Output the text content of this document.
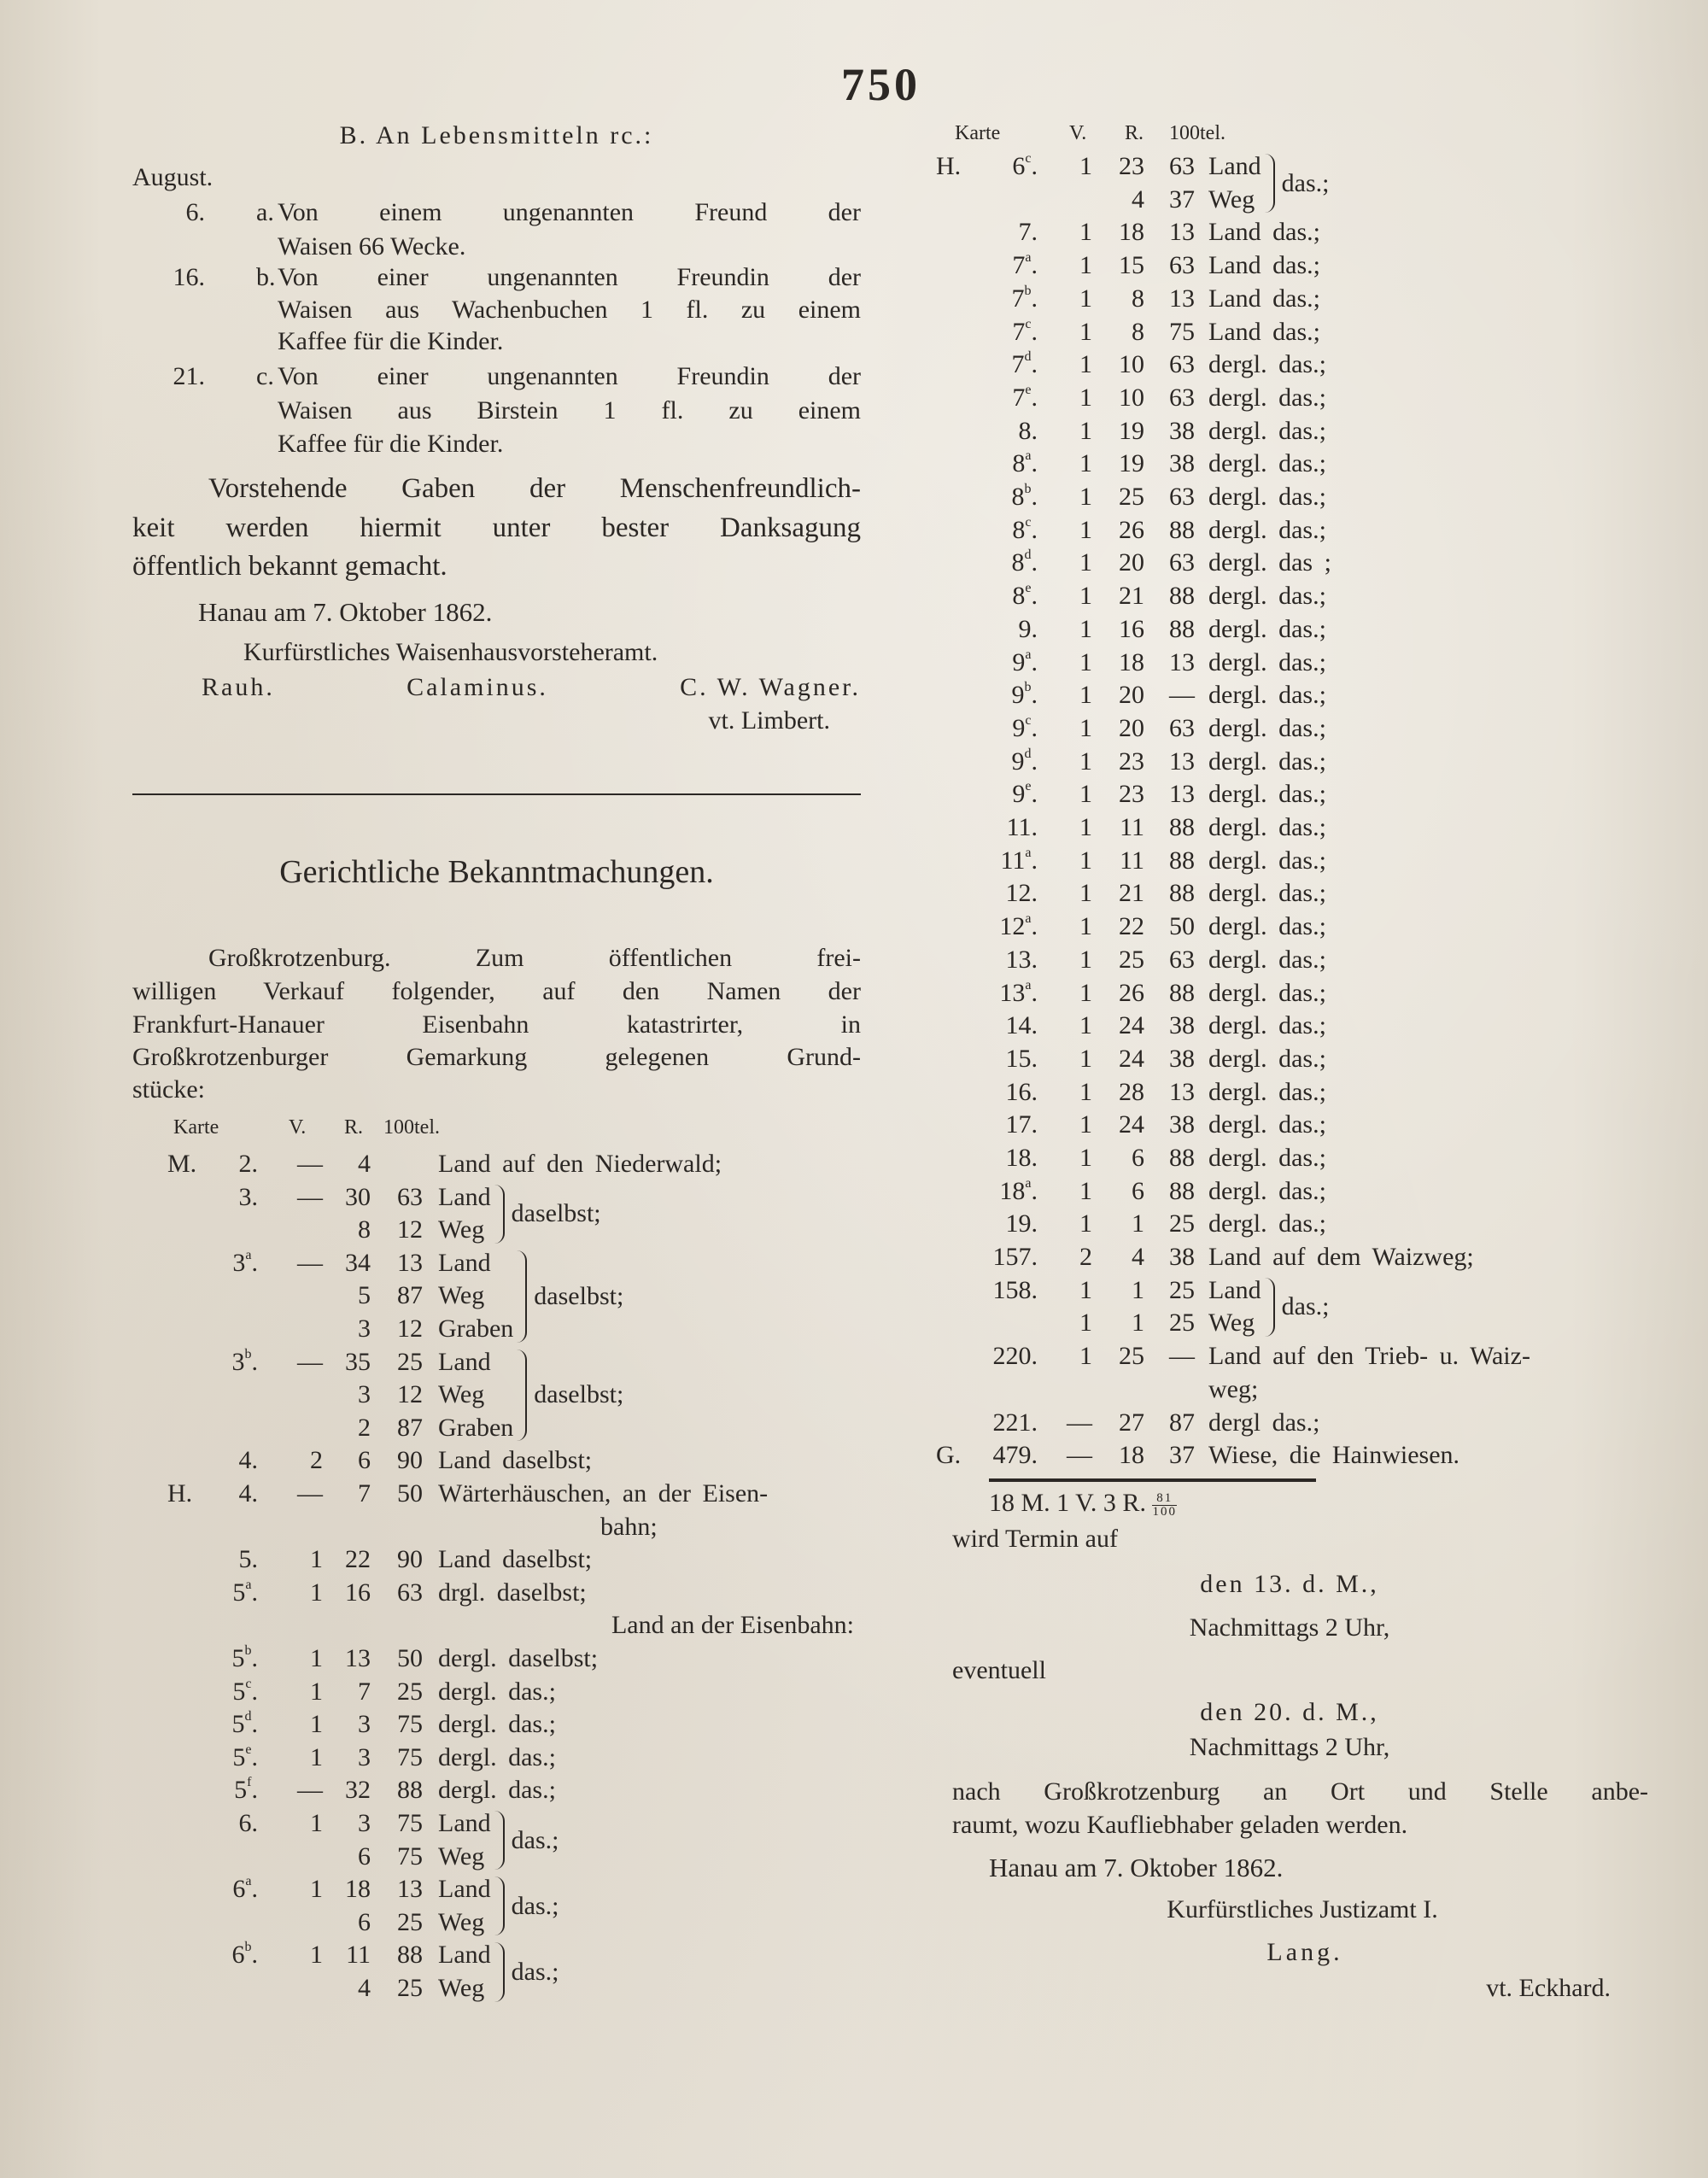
750
B. An Lebensmitteln rc.:
August.
6. a. Von einem ungenannten Freund der
Waisen 66 Wecke.
16. b. Von einer ungenannten Freundin der
Waisen aus Wachenbuchen 1 fl. zu einem
Kaffee für die Kinder.
21. c. Von einer ungenannten Freundin der
Waisen aus Birstein 1 fl. zu einem
Kaffee für die Kinder.
Vorstehende Gaben der Menschenfreundlich-
keit werden hiermit unter bester Danksagung
öffentlich bekannt gemacht.
Hanau am 7. Oktober 1862.
Kurfürstliches Waisenhausvorsteheramt.
Rauh.	Calaminus.	C. W. Wagner.
vt. Limbert.
Gerichtliche Bekanntmachungen.
Großkrotzenburg. Zum öffentlichen frei-
willigen Verkauf folgender, auf den Namen der
Frankfurt-Hanauer Eisenbahn katastrirter, in
Großkrotzenburger Gemarkung gelegenen Grund-
stücke:
Karte	V. R. 100tel.
M.	2.	—	4	Land auf den Niederwald;
3.	— 30	63 Land
8	12 Weg
daselbst;
3$^a$.	— 34	13 Land
5	87 Weg
3	12 Graben
daselbst;
3$^b$.	— 35	25 Land
3	12 Weg
2	87 Graben
daselbst;
4.	2	6	90 Land daselbst;
H.	4.	—	7	50 Wärterhäuschen, an der Eisen-
bahn;
5.	1 22	90 Land daselbst;
5$^a$.	1 16	63 drgl. daselbst;
Land an der Eisenbahn:
5$^b$.	1 13	50 dergl. daselbst;
5$^c$.	1	7	25 dergl. das.;
5$^d$.	1	3	75 dergl. das.;
5e.	1	3	75 dergl. das.;
5$^f$.	— 32	88 dergl. das.;
6.	1	3	75 Land
6	75 Weg
das.;
6$^a$.	1 18	13 Land
6	25 Weg
das.;
6$^b$.	1 11	88 Land
4	25 Weg
das.;
Karte	V. R. 100tel.
H.	6$^c$.	1	23 63 Land
4 37 Weg
das.;
7.	1	18 13 Land das.;
7$^a$.	1	15 63 Land das.;
7$^b$.	1	8 13 Land das.;
7$^c$.	1	8 75 Land das.;
7$^d$.	1	10 63 dergl. das.;
7e.	1	10 63 dergl. das.;
8.	1	19 38 dergl. das.;
8$^a$.	1	19 38 dergl. das.;
8$^b$.	1	25 63 dergl. das.;
8$^c$.	1	26 88 dergl. das.;
8$^d$.	1	20 63 dergl. das ;
8e.	1	21 88 dergl. das.;
9.	1	16 88 dergl. das.;
9$^a$.	1	18 13 dergl. das.;
9$^b$.	1	20 — dergl. das.;
9$^c$.	1	20 63 dergl. das.;
9$^d$.	1	23 13 dergl. das.;
9e.	1	23 13 dergl. das.;
11.	1	11 88 dergl. das.;
11$^a$.	1	11 88 dergl. das.;
12.	1	21 88 dergl. das.;
12$^a$.	1	22 50 dergl. das.;
13.	1	25 63 dergl. das.;
13$^a$.	1	26 88 dergl. das.;
14.	1	24 38 dergl. das.;
15.	1	24 38 dergl. das.;
16.	1	28 13 dergl. das.;
17.	1	24 38 dergl. das.;
18.	1	6 88 dergl. das.;
18$^a$.	1	6 88 dergl. das.;
19.	1	1 25 dergl. das.;
157.	2	4 38 Land auf dem Waizweg;
158.	1	1 25 Land
1	1 25 Weg
das.;
220.	1	25 — Land auf den Trieb- u. Waiz-
weg;
221.	—	27 87 dergl das.;
G.	479.	—	18 37 Wiese, die Hainwiesen.
18 M. 1 V. 3 R. $\frac{81}{100}$
wird Termin auf
den 13. d. M.,
Nachmittags 2 Uhr,
eventuell
den 20. d. M.,
Nachmittags 2 Uhr,
nach Großkrotzenburg an Ort und Stelle anbe-
raumt, wozu Kaufliebhaber geladen werden.
Hanau am 7. Oktober 1862.
Kurfürstliches Justizamt I.
Lang.
vt. Eckhard.
